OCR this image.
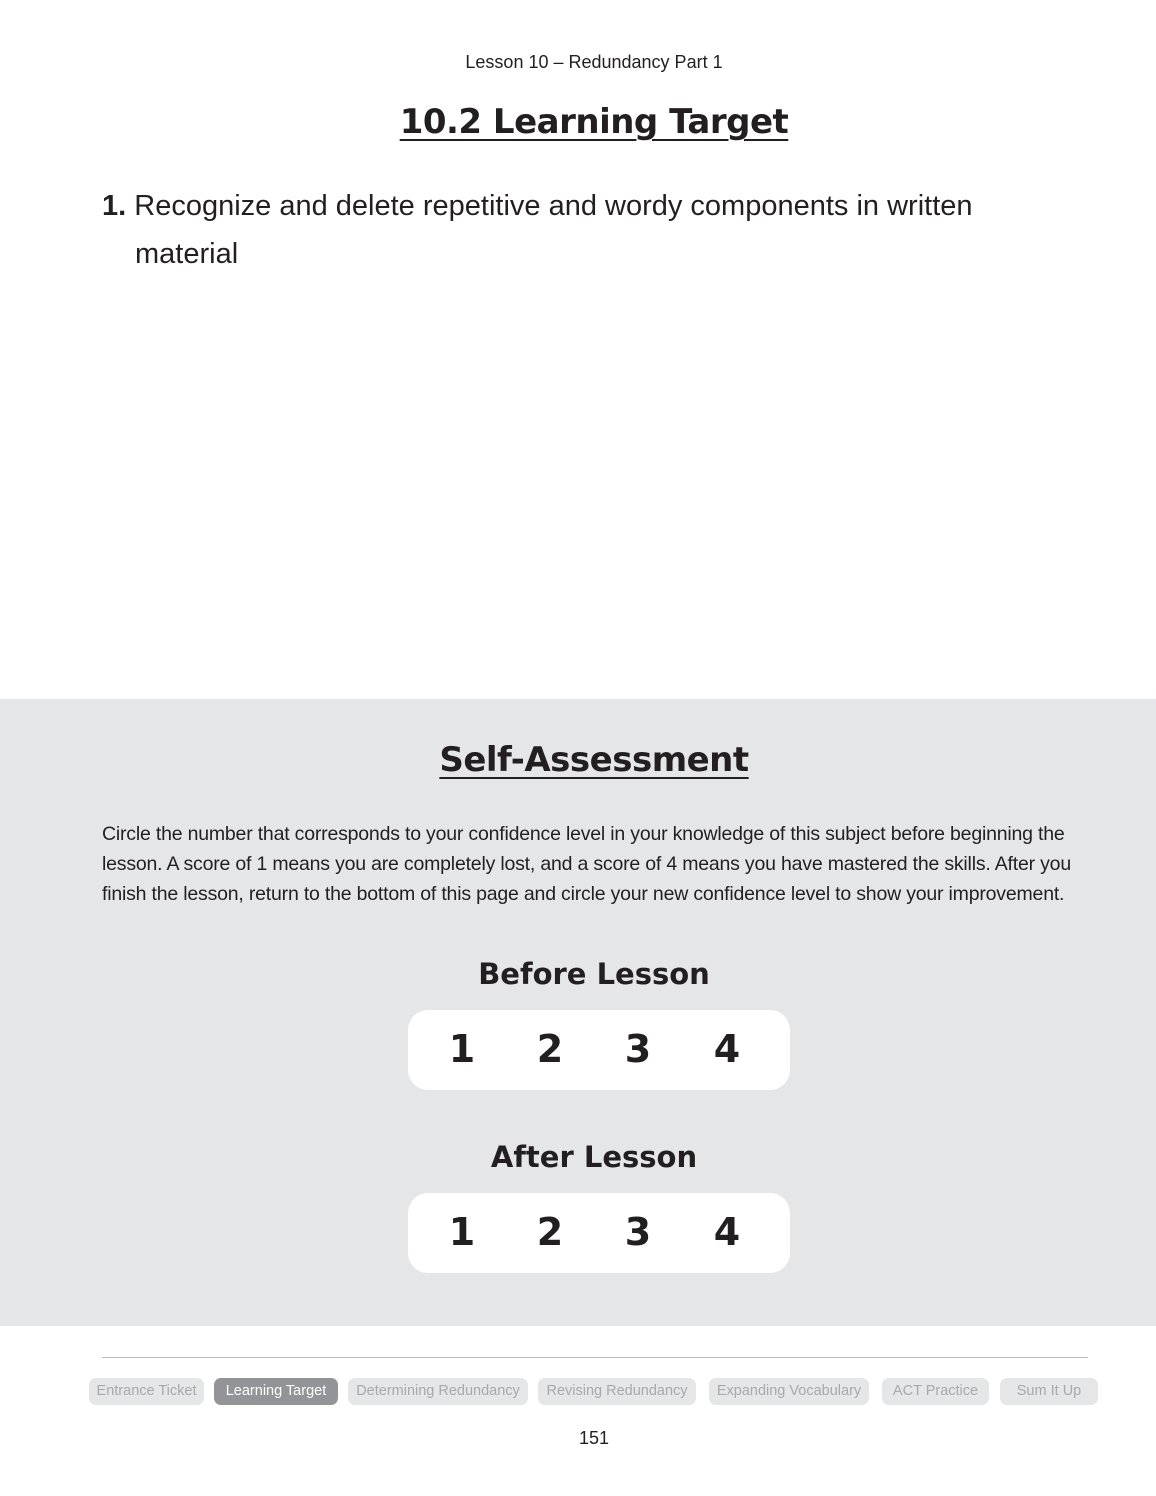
Lesson 10 – Redundancy Part 1
10.2 Learning Target
1. Recognize and delete repetitive and wordy components in written material
Self-Assessment
Circle the number that corresponds to your confidence level in your knowledge of this subject before beginning the lesson. A score of 1 means you are completely lost, and a score of 4 means you have mastered the skills. After you finish the lesson, return to the bottom of this page and circle your new confidence level to show your improvement.
Before Lesson
1	2	3	4
After Lesson
1	2	3	4
Entrance Ticket	Learning Target	Determining Redundancy	Revising Redundancy	Expanding Vocabulary	ACT Practice	Sum It Up
151
